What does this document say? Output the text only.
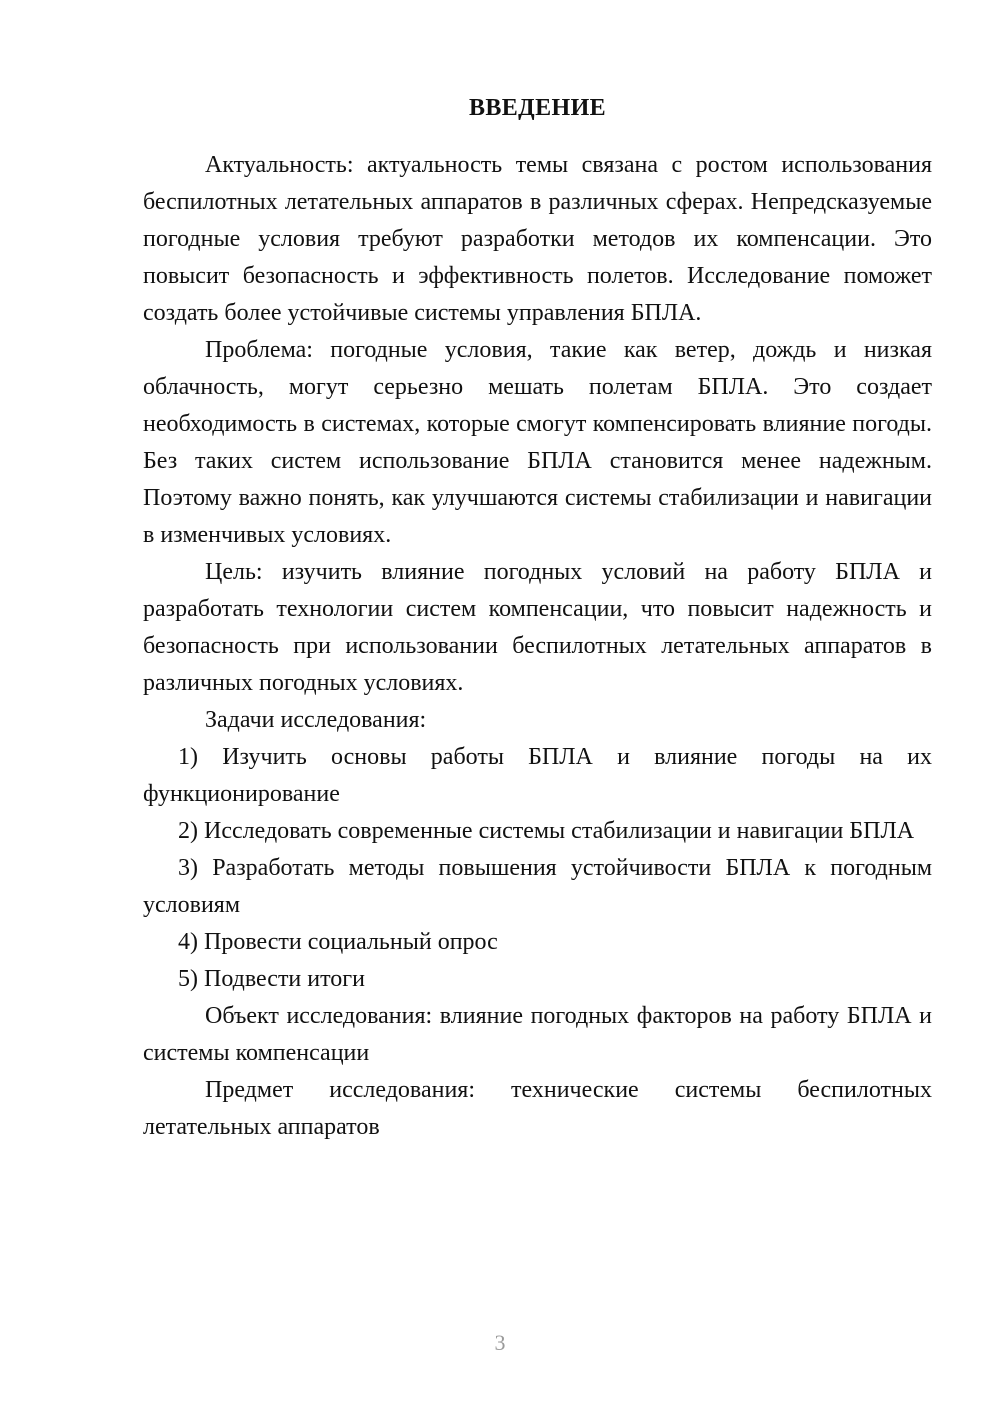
ВВЕДЕНИЕ

Актуальность: актуальность темы связана с ростом использования беспилотных летательных аппаратов в различных сферах. Непредсказуемые погодные условия требуют разработки методов их компенсации. Это повысит безопасность и эффективность полетов. Исследование поможет создать более устойчивые системы управления БПЛА.

Проблема: погодные условия, такие как ветер, дождь и низкая облачность, могут серьезно мешать полетам БПЛА. Это создает необходимость в системах, которые смогут компенсировать влияние погоды. Без таких систем использование БПЛА становится менее надежным. Поэтому важно понять, как улучшаются системы стабилизации и навигации в изменчивых условиях.

Цель: изучить влияние погодных условий на работу БПЛА и разработать технологии систем компенсации, что повысит надежность и безопасность при использовании беспилотных летательных аппаратов в различных погодных условиях.

Задачи исследования:

1) Изучить основы работы БПЛА и влияние погоды на их функционирование

2) Исследовать современные системы стабилизации и навигации БПЛА

3) Разработать методы повышения устойчивости БПЛА к погодным условиям

4) Провести социальный опрос

5) Подвести итоги

Объект исследования: влияние погодных факторов на работу БПЛА и системы компенсации

Предмет исследования: технические системы беспилотных летательных аппаратов

3
